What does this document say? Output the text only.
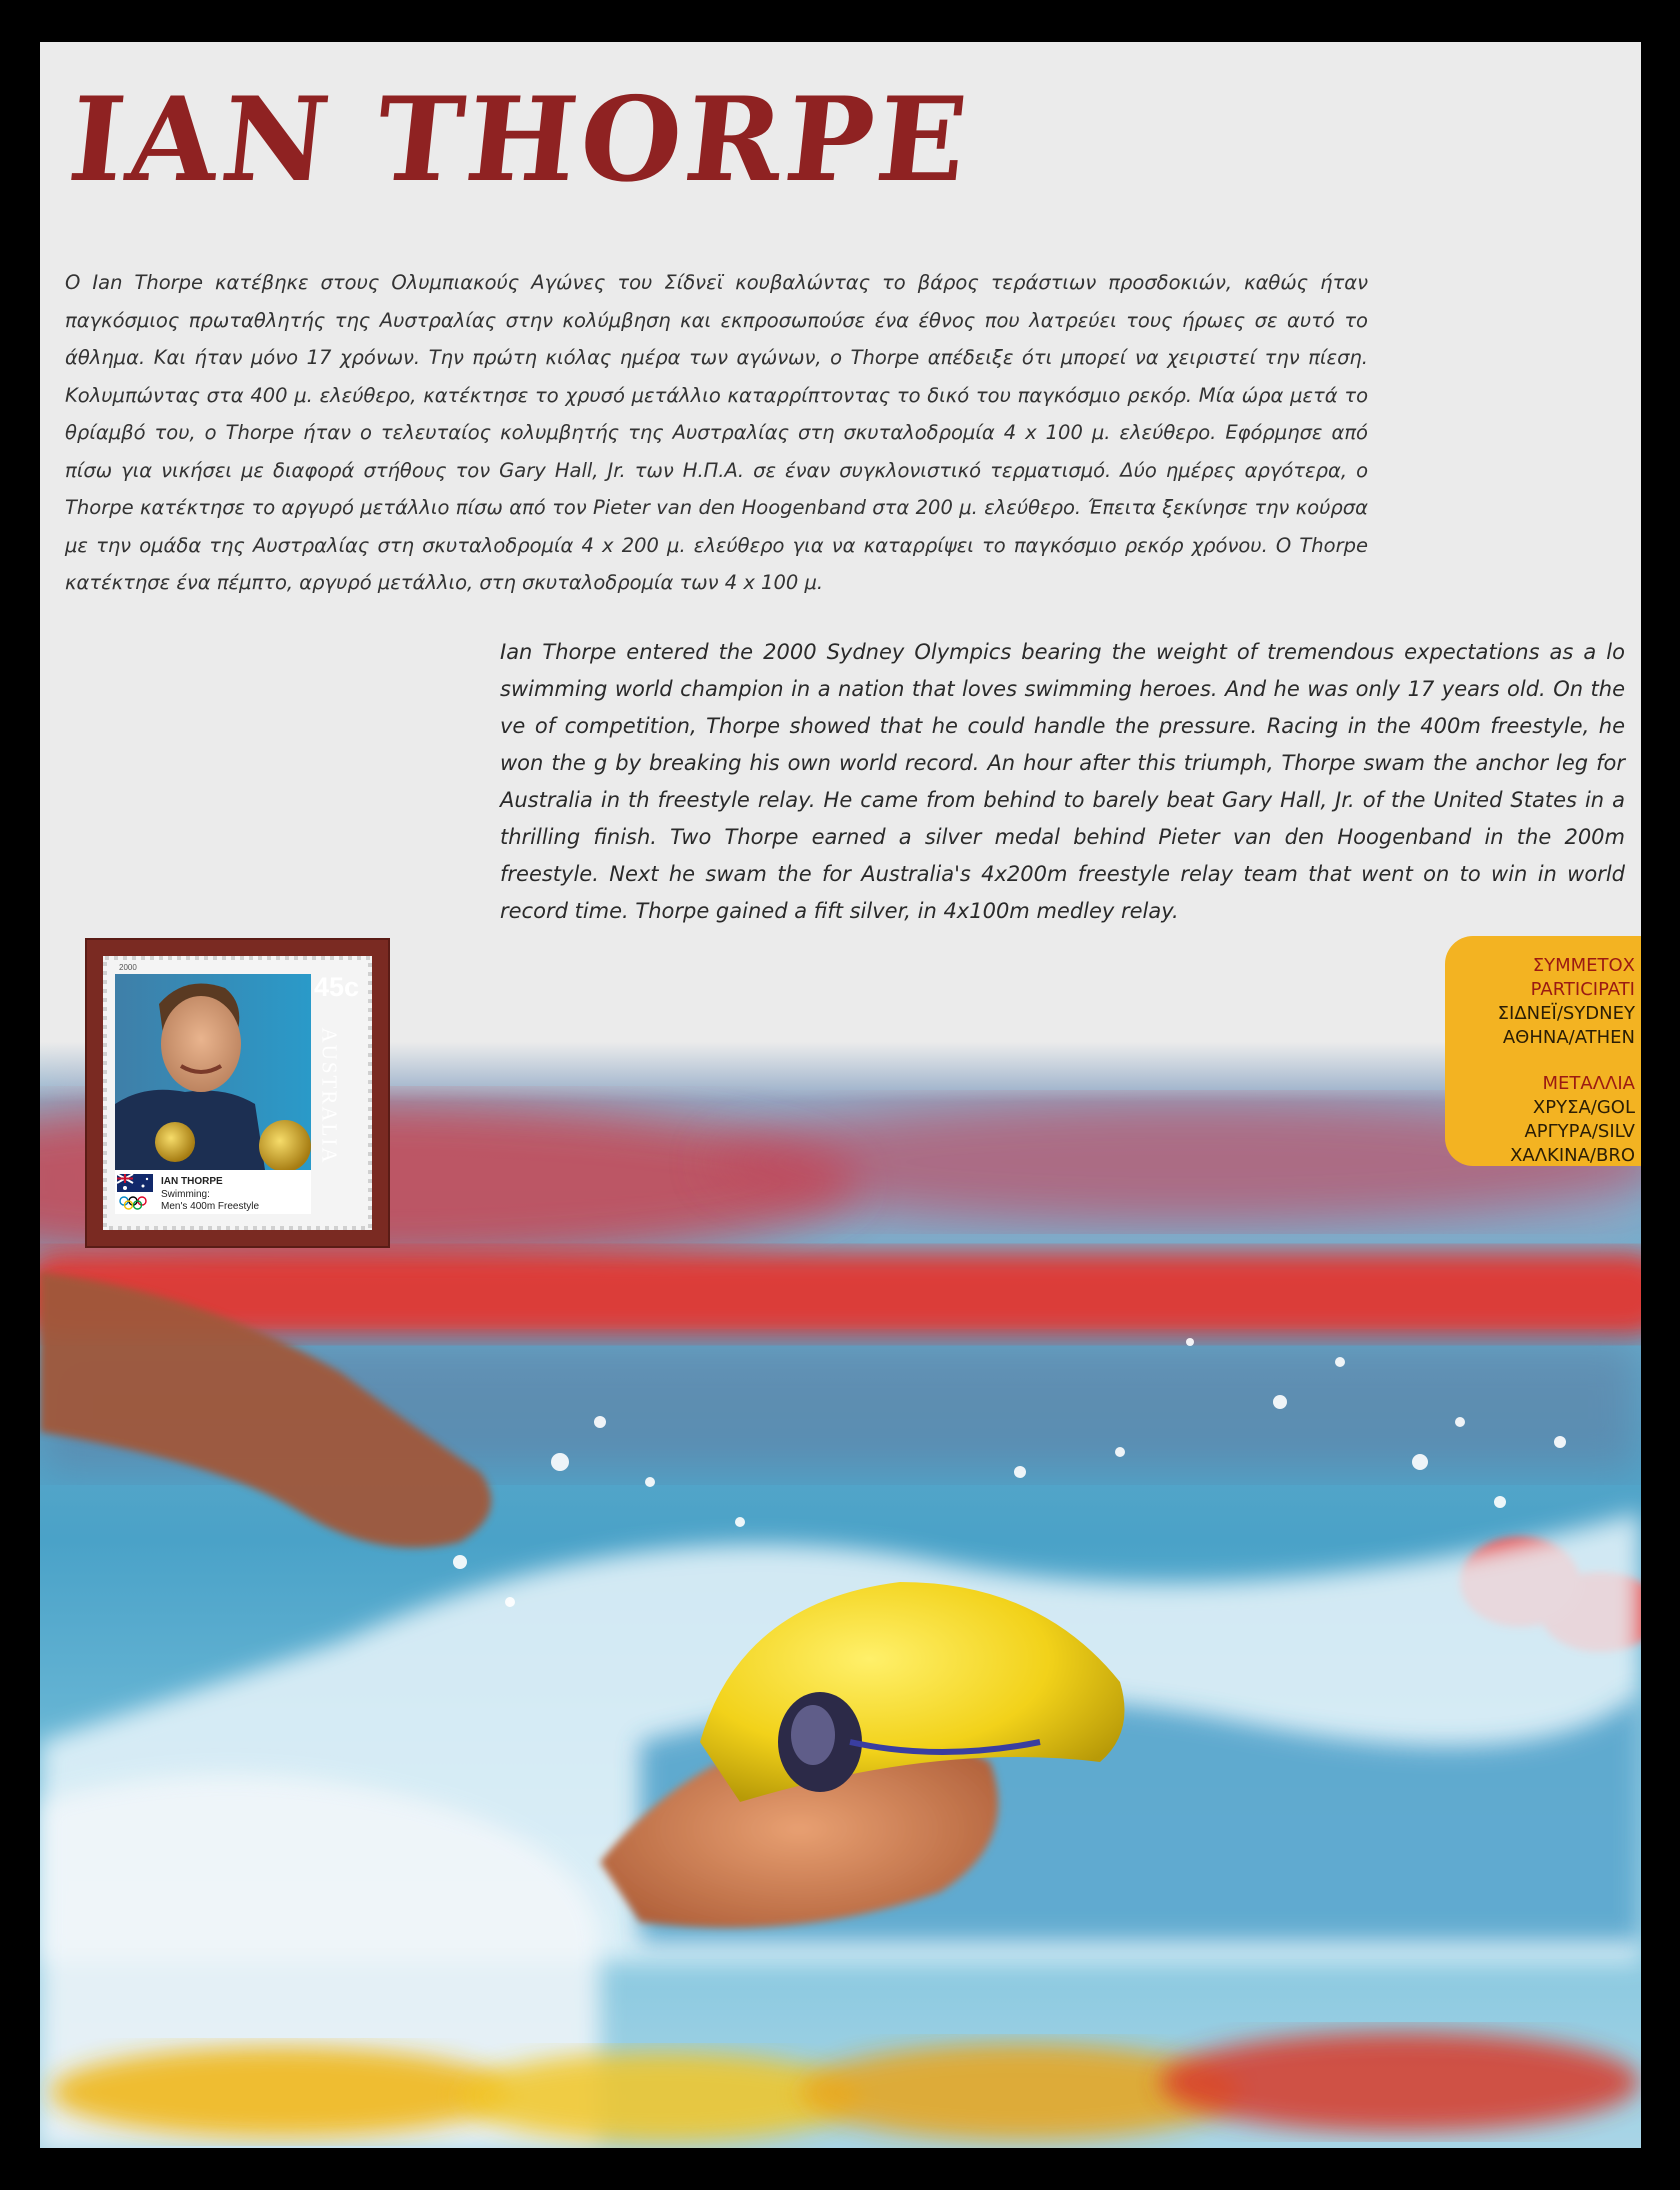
IAN THORPE

O Ian Thorpe κατέβηκε στους Ολυμπιακούς Αγώνες του Σίδνεϊ κουβαλώντας το βάρος τεράστιων προσδοκιών, καθώς ήταν παγκόσμιος πρωταθλητής της Αυστραλίας στην κολύμβηση και εκπροσωπούσε ένα έθνος που λατρεύει τους ήρωες σε αυτό το άθλημα. Και ήταν μόνο 17 χρόνων. Την πρώτη κιόλας ημέρα των αγώνων, ο Thorpe απέδειξε ότι μπορεί να χειριστεί την πίεση. Κολυμπώντας στα 400 μ. ελεύθερο, κατέκτησε το χρυσό μετάλλιο καταρρίπτοντας το δικό του παγκόσμιο ρεκόρ. Μία ώρα μετά το θρίαμβό του, ο Thorpe ήταν ο τελευταίος κολυμβητής της Αυστραλίας στη σκυταλοδρομία 4 x 100 μ. ελεύθερο. Εφόρμησε από πίσω για νικήσει με διαφορά στήθους τον Gary Hall, Jr. των Η.Π.Α. σε έναν συγκλονιστικό τερματισμό. Δύο ημέρες αργότερα, ο Thorpe κατέκτησε το αργυρό μετάλλιο πίσω από τον Pieter van den Hoogenband στα 200 μ. ελεύθερο. Έπειτα ξεκίνησε την κούρσα με την ομάδα της Αυστραλίας στη σκυταλοδρομία 4 x 200 μ. ελεύθερο για να καταρρίψει το παγκόσμιο ρεκόρ χρόνου. Ο Thorpe κατέκτησε ένα πέμπτο, αργυρό μετάλλιο, στη σκυταλοδρομία των 4 x 100 μ.

Ian Thorpe entered the 2000 Sydney Olympics bearing the weight of tremendous expectations as a lo swimming world champion in a nation that loves swimming heroes. And he was only 17 years old. On the ve of competition, Thorpe showed that he could handle the pressure. Racing in the 400m freestyle, he won the g by breaking his own world record. An hour after this triumph, Thorpe swam the anchor leg for Australia in th freestyle relay. He came from behind to barely beat Gary Hall, Jr. of the United States in a thrilling finish. Two Thorpe earned a silver medal behind Pieter van den Hoogenband in the 200m freestyle. Next he swam the for Australia's 4x200m freestyle relay team that went on to win in world record time. Thorpe gained a fift silver, in 4x100m medley relay.

ΣΥΜΜΕΤΟΧ
PARTICIPATI
ΣΙΔΝΕΪ/SYDNEY
ΑΘΗΝΑ/ATHEN
ΜΕΤΑΛΛΙΑ
ΧΡΥΣΑ/GOL
ΑΡΓΥΡΑ/SILV
ΧΑΛΚΙΝΑ/BRO
45c
AUSTRALIA
2000
IAN THORPE
Swimming:
Men's 400m Freestyle
